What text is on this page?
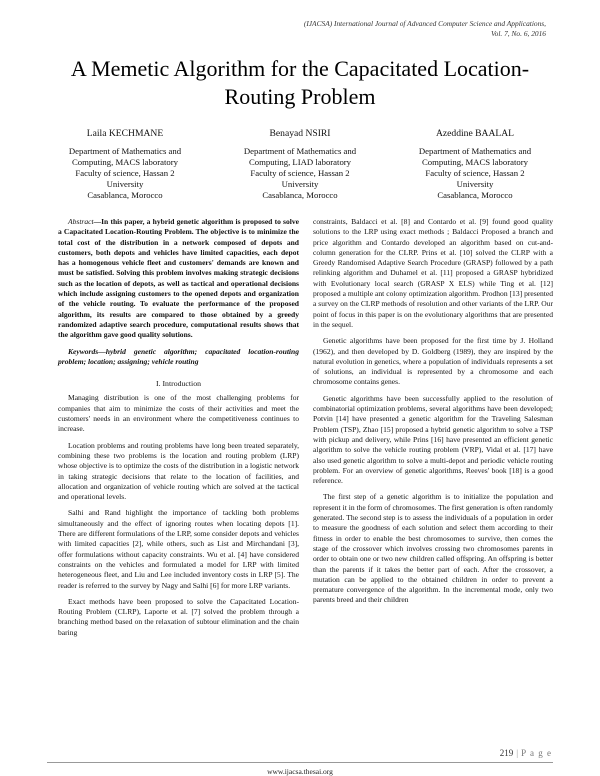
(IJACSA) International Journal of Advanced Computer Science and Applications,
Vol. 7, No. 6, 2016
A Memetic Algorithm for the Capacitated Location-Routing Problem
Laila KECHMANE
Department of Mathematics and
Computing, MACS laboratory
Faculty of science, Hassan 2
University
Casablanca, Morocco
Benayad NSIRI
Department of Mathematics and
Computing, LIAD laboratory
Faculty of science, Hassan 2
University
Casablanca, Morocco
Azeddine BAALAL
Department of Mathematics and
Computing, MACS laboratory
Faculty of science, Hassan 2
University
Casablanca, Morocco
Abstract—In this paper, a hybrid genetic algorithm is proposed to solve a Capacitated Location-Routing Problem. The objective is to minimize the total cost of the distribution in a network composed of depots and customers, both depots and vehicles have limited capacities, each depot has a homogenous vehicle fleet and customers' demands are known and must be satisfied. Solving this problem involves making strategic decisions such as the location of depots, as well as tactical and operational decisions which include assigning customers to the opened depots and organization of the vehicle routing. To evaluate the performance of the proposed algorithm, its results are compared to those obtained by a greedy randomized adaptive search procedure, computational results shows that the algorithm gave good quality solutions.
Keywords—hybrid genetic algorithm; capacitated location-routing problem; location; assigning; vehicle routing
I. Introduction

Managing distribution is one of the most challenging problems for companies that aim to minimize the costs of their activities and meet the customers' needs in an environment where the competitiveness continues to increase.

Location problems and routing problems have long been treated separately, combining these two problems is the location and routing problem (LRP) whose objective is to optimize the costs of the distribution in a logistic network in taking strategic decisions that relate to the location of facilities, and allocation and organization of vehicle routing which are solved at the tactical and operational levels.

Salhi and Rand highlight the importance of tackling both problems simultaneously and the effect of ignoring routes when locating depots [1]. There are different formulations of the LRP, some consider depots and vehicles with limited capacities [2], while others, such as List and Mirchandani [3], offer formulations without capacity constraints. Wu et al. [4] have considered constraints on the vehicles and formulated a model for LRP with limited heterogeneous fleet, and Liu and Lee included inventory costs in LRP [5]. The reader is referred to the survey by Nagy and Salhi [6] for more LRP variants.

Exact methods have been proposed to solve the Capacitated Location-Routing Problem (CLRP), Laporte et al. [7] solved the problem through a branching method based on the relaxation of subtour elimination and the chain baring

constraints, Baldacci et al. [8] and Contardo et al. [9] found good quality solutions to the LRP using exact methods ; Baldacci Proposed a branch and price algorithm and Contardo developed an algorithm based on cut-and-column generation for the CLRP. Prins et al. [10] solved the CLRP with a Greedy Randomised Adaptive Search Procedure (GRASP) followed by a path relinking algorithm and Duhamel et al. [11] proposed a GRASP hybridized with Evolutionary local search (GRASP X ELS) while Ting et al. [12] proposed a multiple ant colony optimization algorithm. Prodhon [13] presented a survey on the CLRP methods of resolution and other variants of the LRP. Our point of focus in this paper is on the evolutionary algorithms that are presented in the sequel.

Genetic algorithms have been proposed for the first time by J. Holland (1962), and then developed by D. Goldberg (1989), they are inspired by the natural evolution in genetics, where a population of individuals represents a set of solutions, an individual is represented by a chromosome and each chromosome contains genes.

Genetic algorithms have been successfully applied to the resolution of combinatorial optimization problems, several algorithms have been developed; Potvin [14] have presented a genetic algorithm for the Traveling Salesman Problem (TSP), Zhao [15] proposed a hybrid genetic algorithm to solve a TSP with pickup and delivery, while Prins [16] have presented an efficient genetic algorithm to solve the vehicle routing problem (VRP), Vidal et al. [17] have also used genetic algorithm to solve a multi-depot and periodic vehicle routing problem. For an overview of genetic algorithms, Reeves' book [18] is a good reference.

The first step of a genetic algorithm is to initialize the population and represent it in the form of chromosomes. The first generation is often randomly generated. The second step is to assess the individuals of a population in order to measure the goodness of each solution and select them according to their fitness in order to enable the best chromosomes to survive, then comes the stage of the crossover which involves crossing two chromosomes parents in order to obtain one or two new children called offspring. An offspring is better than the parents if it takes the better part of each. After the crossover, a mutation can be applied to the obtained children in order to prevent a premature convergence of the algorithm. In the incremental mode, only two parents breed and their children

219 | P a g e
www.ijacsa.thesai.org
